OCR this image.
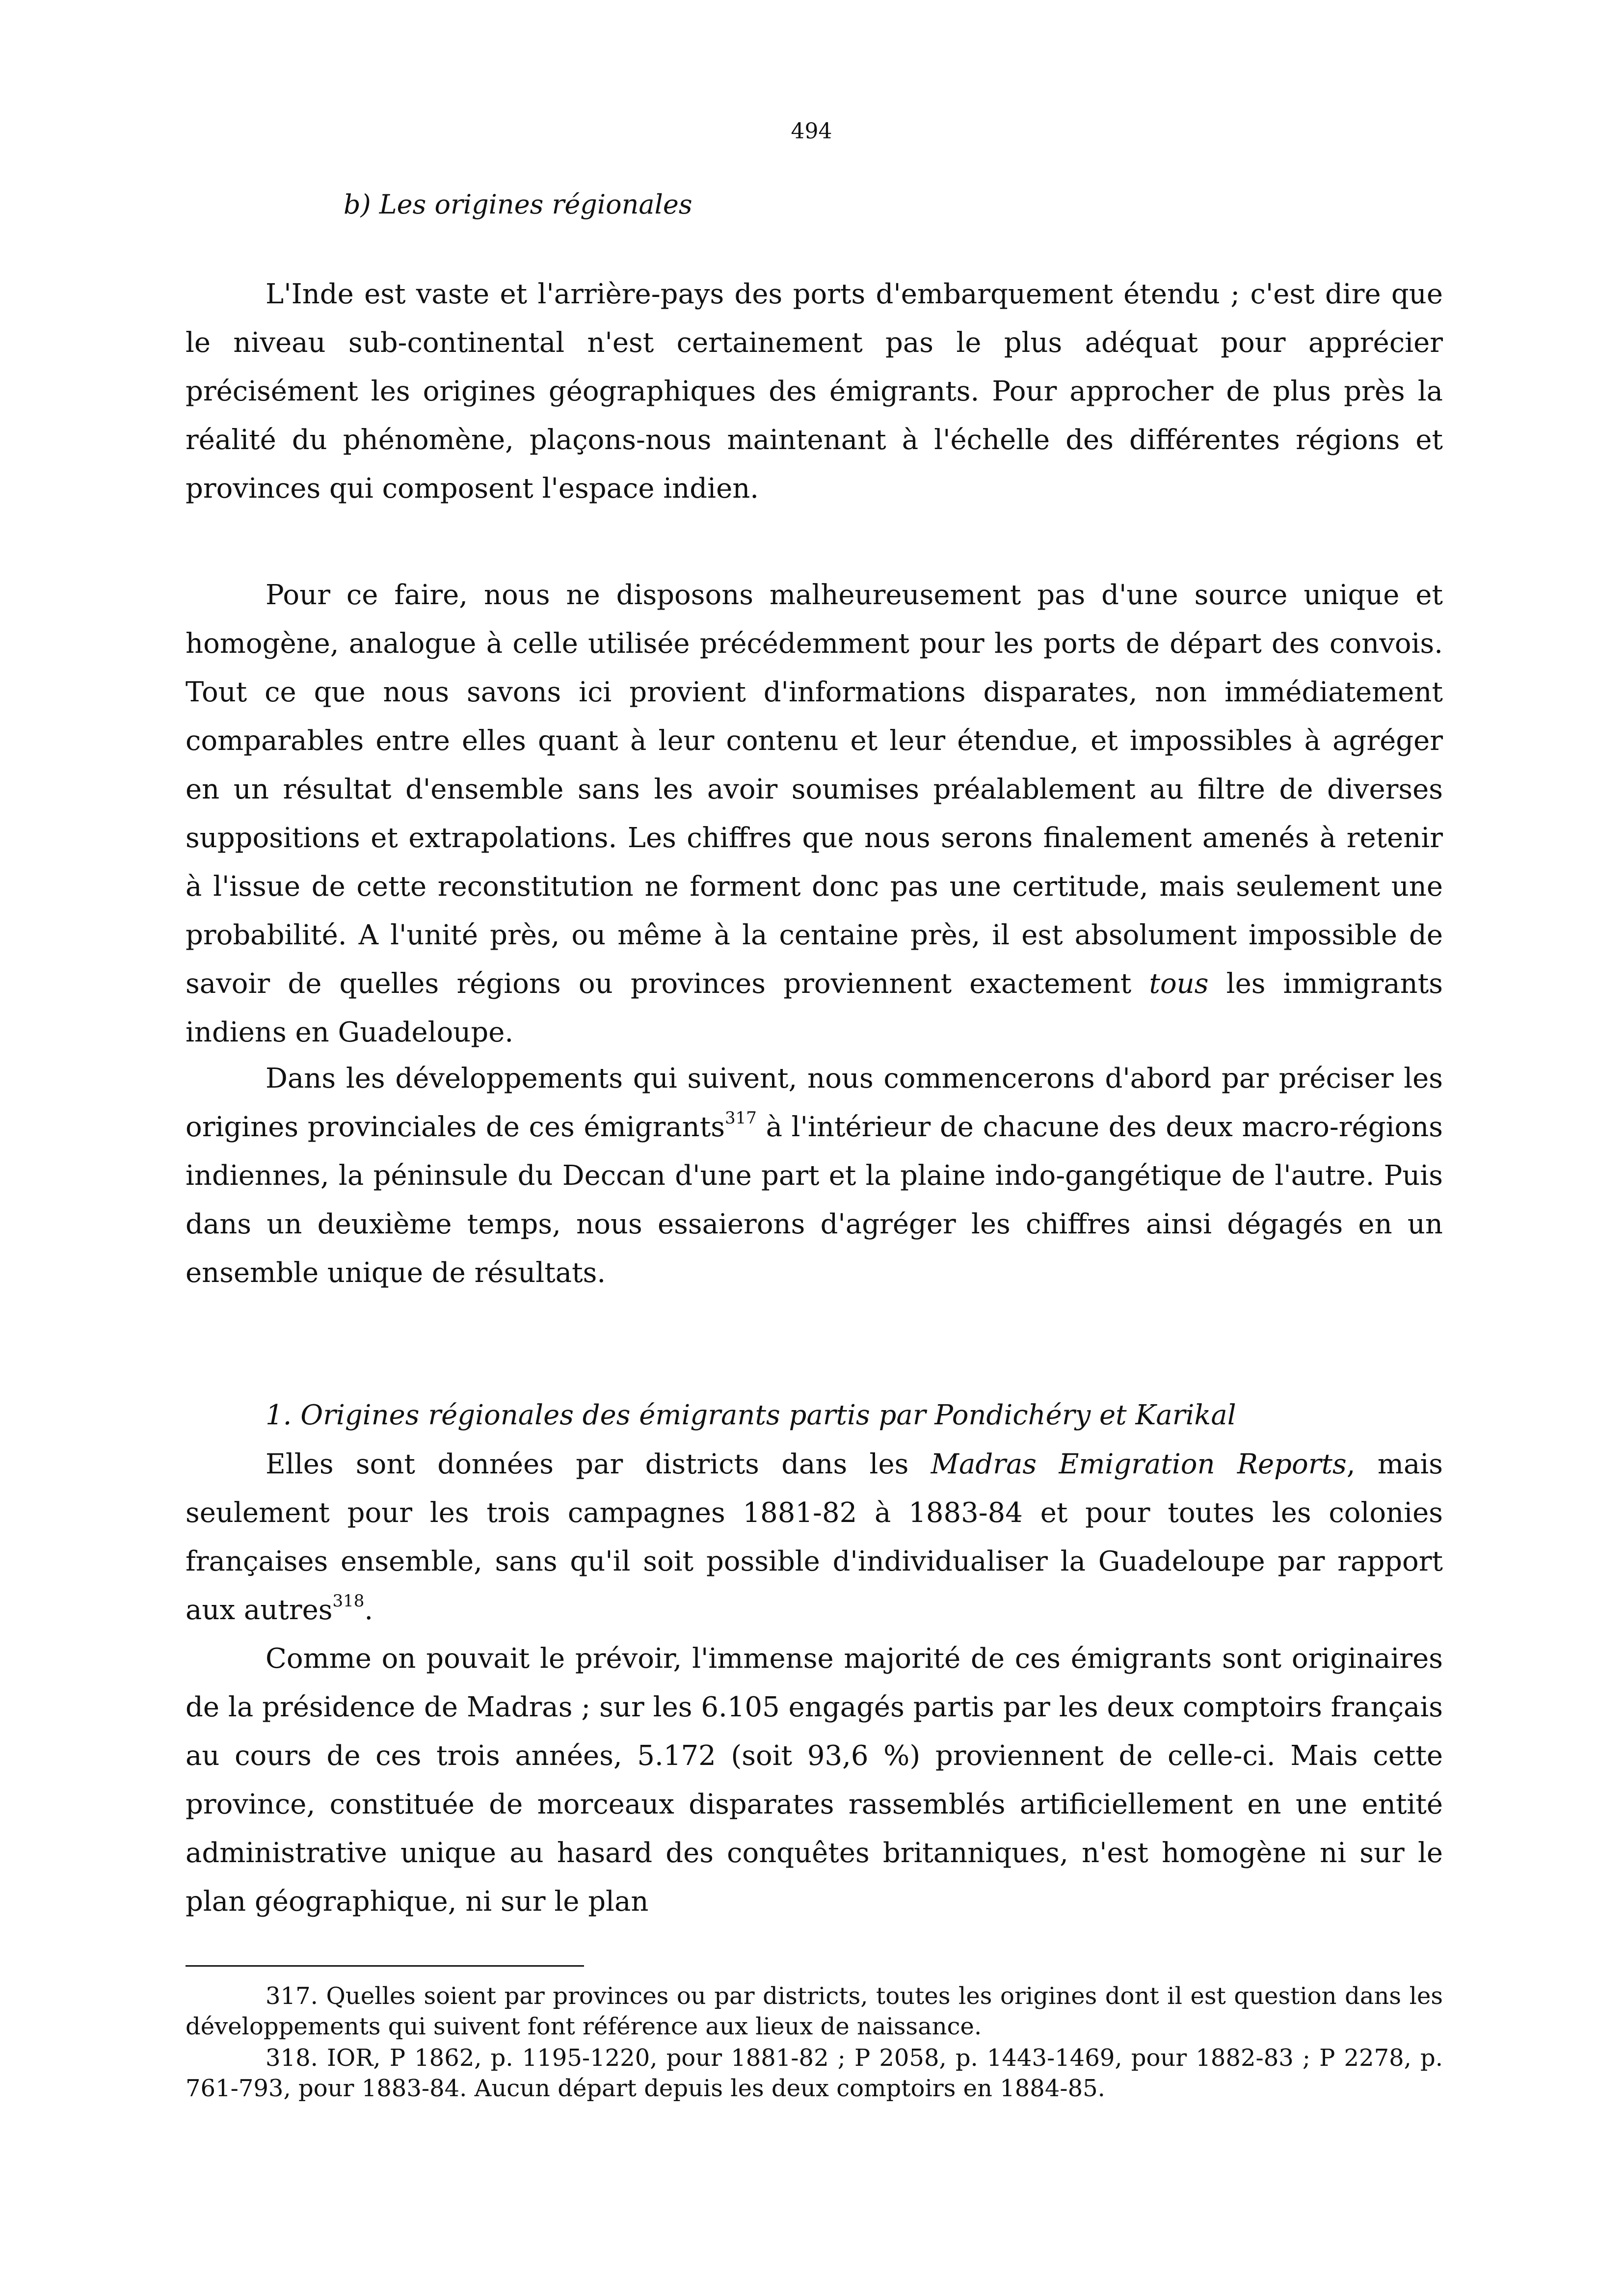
494
b) Les origines régionales

L'Inde est vaste et l'arrière-pays des ports d'embarquement étendu ; c'est dire que le niveau sub-continental n'est certainement pas le plus adéquat pour apprécier précisément les origines géographiques des émigrants. Pour approcher de plus près la réalité du phénomène, plaçons-nous maintenant à l'échelle des différentes régions et provinces qui composent l'espace indien.

Pour ce faire, nous ne disposons malheureusement pas d'une source unique et homogène, analogue à celle utilisée précédemment pour les ports de départ des convois. Tout ce que nous savons ici provient d'informations disparates, non immédiatement comparables entre elles quant à leur contenu et leur étendue, et impossibles à agréger en un résultat d'ensemble sans les avoir soumises préalablement au filtre de diverses suppositions et extrapolations. Les chiffres que nous serons finalement amenés à retenir à l'issue de cette reconstitution ne forment donc pas une certitude, mais seulement une probabilité. A l'unité près, ou même à la centaine près, il est absolument impossible de savoir de quelles régions ou provinces proviennent exactement tous les immigrants indiens en Guadeloupe.

Dans les développements qui suivent, nous commencerons d'abord par préciser les origines provinciales de ces émigrants$^{317}$ à l'intérieur de chacune des deux macro-régions indiennes, la péninsule du Deccan d'une part et la plaine indo-gangétique de l'autre. Puis dans un deuxième temps, nous essaierons d'agréger les chiffres ainsi dégagés en un ensemble unique de résultats.

1. Origines régionales des émigrants partis par Pondichéry et Karikal

Elles sont données par districts dans les Madras Emigration Reports, mais seulement pour les trois campagnes 1881-82 à 1883-84 et pour toutes les colonies françaises ensemble, sans qu'il soit possible d'individualiser la Guadeloupe par rapport aux autres$^{318}$.

Comme on pouvait le prévoir, l'immense majorité de ces émigrants sont originaires de la présidence de Madras ; sur les 6.105 engagés partis par les deux comptoirs français au cours de ces trois années, 5.172 (soit 93,6 %) proviennent de celle-ci. Mais cette province, constituée de morceaux disparates rassemblés artificiellement en une entité administrative unique au hasard des conquêtes britanniques, n'est homogène ni sur le plan géographique, ni sur le plan

317. Quelles soient par provinces ou par districts, toutes les origines dont il est question dans les développements qui suivent font référence aux lieux de naissance.

318. IOR, P 1862, p. 1195-1220, pour 1881-82 ; P 2058, p. 1443-1469, pour 1882-83 ; P 2278, p. 761-793, pour 1883-84. Aucun départ depuis les deux comptoirs en 1884-85.
